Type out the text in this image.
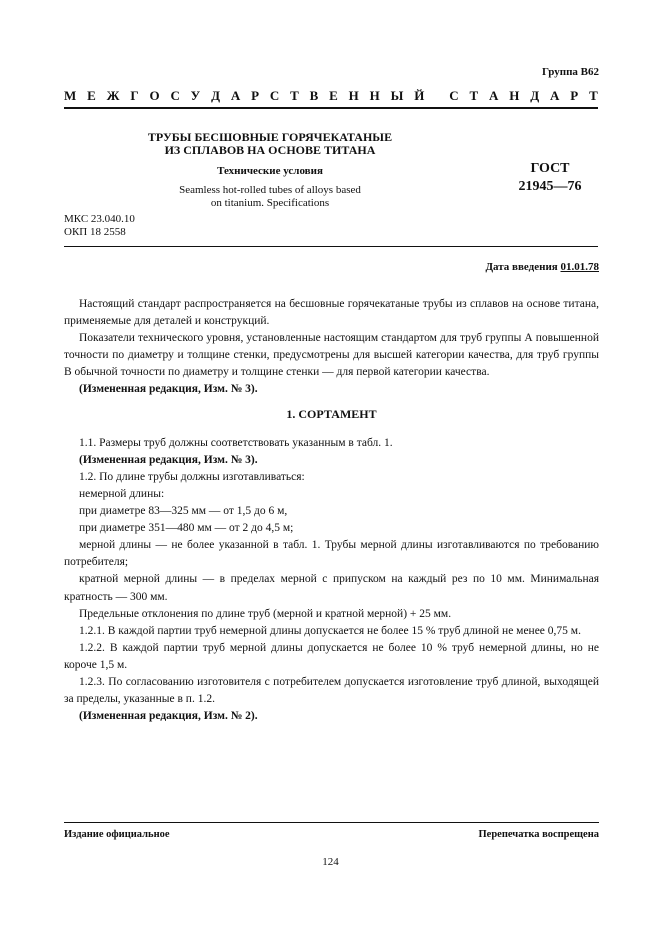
Группа В62
М Е Ж Г О С У Д А Р С Т В Е Н Н Ы Й
С Т А Н Д А Р Т
ТРУБЫ БЕСШОВНЫЕ ГОРЯЧЕКАТАНЫЕ
ИЗ СПЛАВОВ НА ОСНОВЕ ТИТАНА
Технические условия
Seamless hot-rolled tubes of alloys based
on titanium. Specifications
ГОСТ
21945—76
МКС 23.040.10
ОКП 18 2558
Дата введения 01.01.78

Настоящий стандарт распространяется на бесшовные горячекатаные трубы из сплавов на основе титана, применяемые для деталей и конструкций.

Показатели технического уровня, установленные настоящим стандартом для труб группы А повышенной точности по диаметру и толщине стенки, предусмотрены для высшей категории качества, для труб группы В обычной точности по диаметру и толщине стенки — для первой категории качества.

(Измененная редакция, Изм. № 3).

1. СОРТАМЕНТ

1.1. Размеры труб должны соответствовать указанным в табл. 1.

(Измененная редакция, Изм. № 3).

1.2. По длине трубы должны изготавливаться:

немерной длины:

при диаметре 83—325 мм — от 1,5 до 6 м,

при диаметре 351—480 мм — от 2 до 4,5 м;

мерной длины — не более указанной в табл. 1. Трубы мерной длины изготавливаются по требованию потребителя;

кратной мерной длины — в пределах мерной с припуском на каждый рез по 10 мм. Минимальная кратность — 300 мм.

Предельные отклонения по длине труб (мерной и кратной мерной) + 25 мм.

1.2.1. В каждой партии труб немерной длины допускается не более 15 % труб длиной не менее 0,75 м.

1.2.2. В каждой партии труб мерной длины допускается не более 10 % труб немерной длины, но не короче 1,5 м.

1.2.3. По согласованию изготовителя с потребителем допускается изготовление труб длиной, выходящей за пределы, указанные в п. 1.2.

(Измененная редакция, Изм. № 2).

Издание официальное	Перепечатка воспрещена
124
